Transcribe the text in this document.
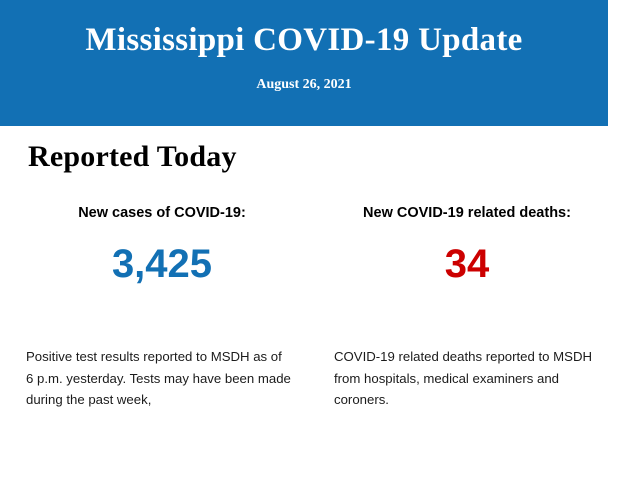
Mississippi COVID-19 Update
August 26, 2021
Reported Today
New cases of COVID-19:
3,425
Positive test results reported to MSDH as of 6 p.m. yesterday. Tests may have been made during the past week,
New COVID-19 related deaths:
34
COVID-19 related deaths reported to MSDH from hospitals, medical examiners and coroners.
